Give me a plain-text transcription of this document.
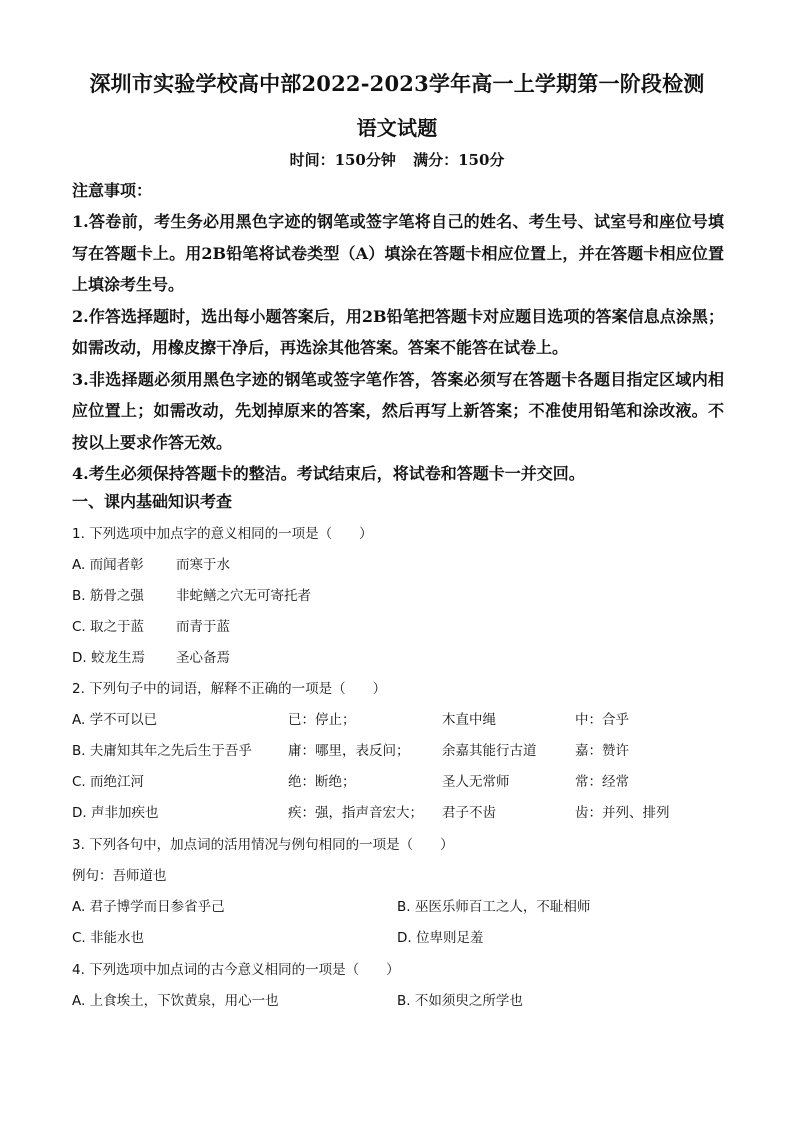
深圳市实验学校高中部2022-2023学年高一上学期第一阶段检测
语文试题
时间：150分钟 满分：150分
注意事项：

1.答卷前，考生务必用黑色字迹的钢笔或签字笔将自己的姓名、考生号、试室号和座位号填写在答题卡上。用2B铅笔将试卷类型（A）填涂在答题卡相应位置上，并在答题卡相应位置上填涂考生号。

2.作答选择题时，选出每小题答案后，用2B铅笔把答题卡对应题目选项的答案信息点涂黑；如需改动，用橡皮擦干净后，再选涂其他答案。答案不能答在试卷上。

3.非选择题必须用黑色字迹的钢笔或签字笔作答，答案必须写在答题卡各题目指定区域内相应位置上；如需改动，先划掉原来的答案，然后再写上新答案；不准使用铅笔和涂改液。不按以上要求作答无效。

4.考生必须保持答题卡的整洁。考试结束后，将试卷和答题卡一并交回。

一、课内基础知识考查
1. 下列选项中加点字的意义相同的一项是（　　）
A. 而闻者彰 而寒于水
B. 筋骨之强 非蛇鳝之穴无可寄托者
C. 取之于蓝 而青于蓝
D. 蛟龙生焉 圣心备焉
2. 下列句子中的词语，解释不正确的一项是（　　）
A. 学不可以已	已：停止；	木直中绳	中：合乎
B. 夫庸知其年之先后生于吾乎	庸：哪里，表反问； 余嘉其能行古道	嘉：赞许
C. 而绝江河	绝：断绝；	圣人无常师	常：经常
D. 声非加疾也	疾：强，指声音宏大； 君子不齿	齿：并列、排列
3. 下列各句中，加点词的活用情况与例句相同的一项是（　　）
例句：吾师道也
A. 君子博学而日参省乎己	B. 巫医乐师百工之人，不耻相师
C. 非能水也	D. 位卑则足羞
4. 下列选项中加点词的古今意义相同的一项是（　　）
A. 上食埃土，下饮黄泉，用心一也	B. 不如须臾之所学也
